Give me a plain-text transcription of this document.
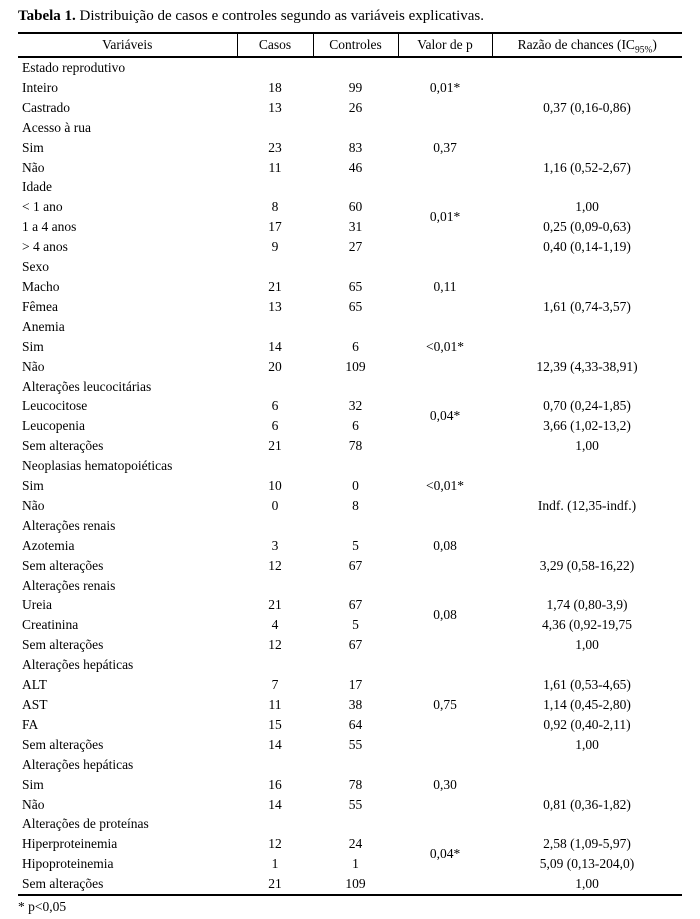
Tabela 1. Distribuição de casos e controles segundo as variáveis explicativas.

Variáveis	Casos	Controles	Valor de p	Razão de chances $(IC_{95\%})$
Estado reprodutivo				
Inteiro	18	99	0,01*	
Castrado	13	26		0,37 (0,16-0,86)
Acesso à rua				
Sim	23	83	0,37	
Não	11	46		1,16 (0,52-2,67)
Idade				
< 1 ano	8	60	0,01*	1,00
1 a 4 anos	17	31		0,25 (0,09-0,63)
> 4 anos	9	27		0,40 (0,14-1,19)
Sexo				
Macho	21	65	0,11	
Fêmea	13	65		1,61 (0,74-3,57)
Anemia				
Sim	14	6	<0,01*	
Não	20	109		12,39 (4,33-38,91)
Alterações leucocitárias				
Leucocitose	6	32	0,04*	0,70 (0,24-1,85)
Leucopenia	6	6		3,66 (1,02-13,2)
Sem alterações	21	78		1,00
Neoplasias hematopoiéticas				
Sim	10	0	<0,01*	
Não	0	8		Indf. (12,35-indf.)
Alterações renais				
Azotemia	3	5	0,08	
Sem alterações	12	67		3,29 (0,58-16,22)
Alterações renais				
Ureia	21	67	0,08	1,74 (0,80-3,9)
Creatinina	4	5		4,36 (0,92-19,75
Sem alterações	12	67		1,00
Alterações hepáticas				
ALT	7	17		1,61 (0,53-4,65)
AST	11	38	0,75	1,14 (0,45-2,80)
FA	15	64		0,92 (0,40-2,11)
Sem alterações	14	55		1,00
Alterações hepáticas				
Sim	16	78	0,30	
Não	14	55		0,81 (0,36-1,82)
Alterações de proteínas				
Hiperproteinemia	12	24	0,04*	2,58 (1,09-5,97)
Hipoproteinemia	1	1		5,09 (0,13-204,0)
Sem alterações	21	109		1,00
* p<0,05
